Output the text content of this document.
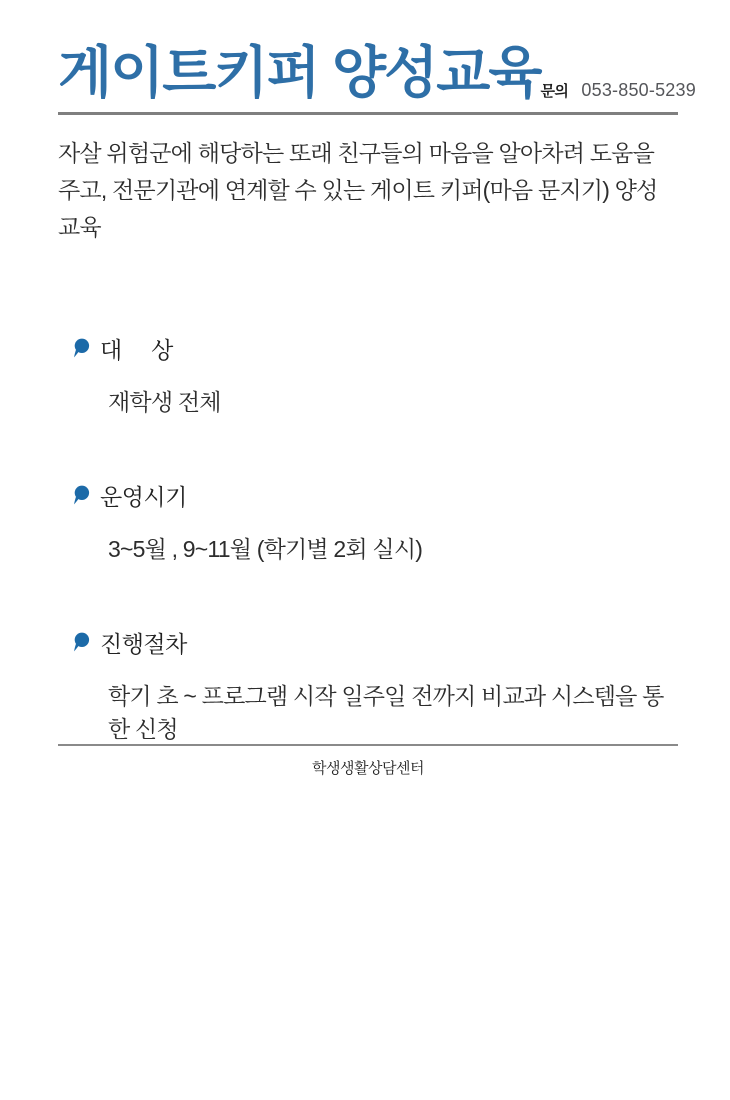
게이트키퍼 양성교육 문의 053-850-5239

자살 위험군에 해당하는 또래 친구들의 마음을 알아차려 도움을 주고, 전문기관에 연계할 수 있는 게이트 키퍼(마음 문지기) 양성 교육

대     상
재학생 전체
운영시기
3~5월 , 9~11월 (학기별 2회 실시)
진행절차
학기 초 ~ 프로그램 시작 일주일 전까지 비교과 시스템을 통한 신청
학생생활상담센터
